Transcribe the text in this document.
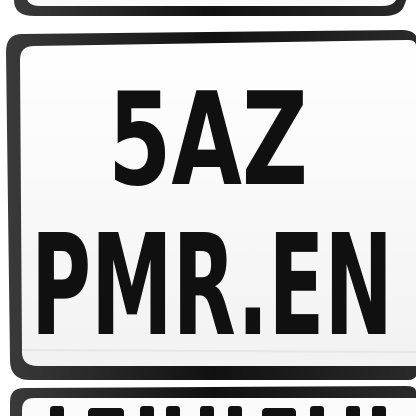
5AZ
PMR.EN
